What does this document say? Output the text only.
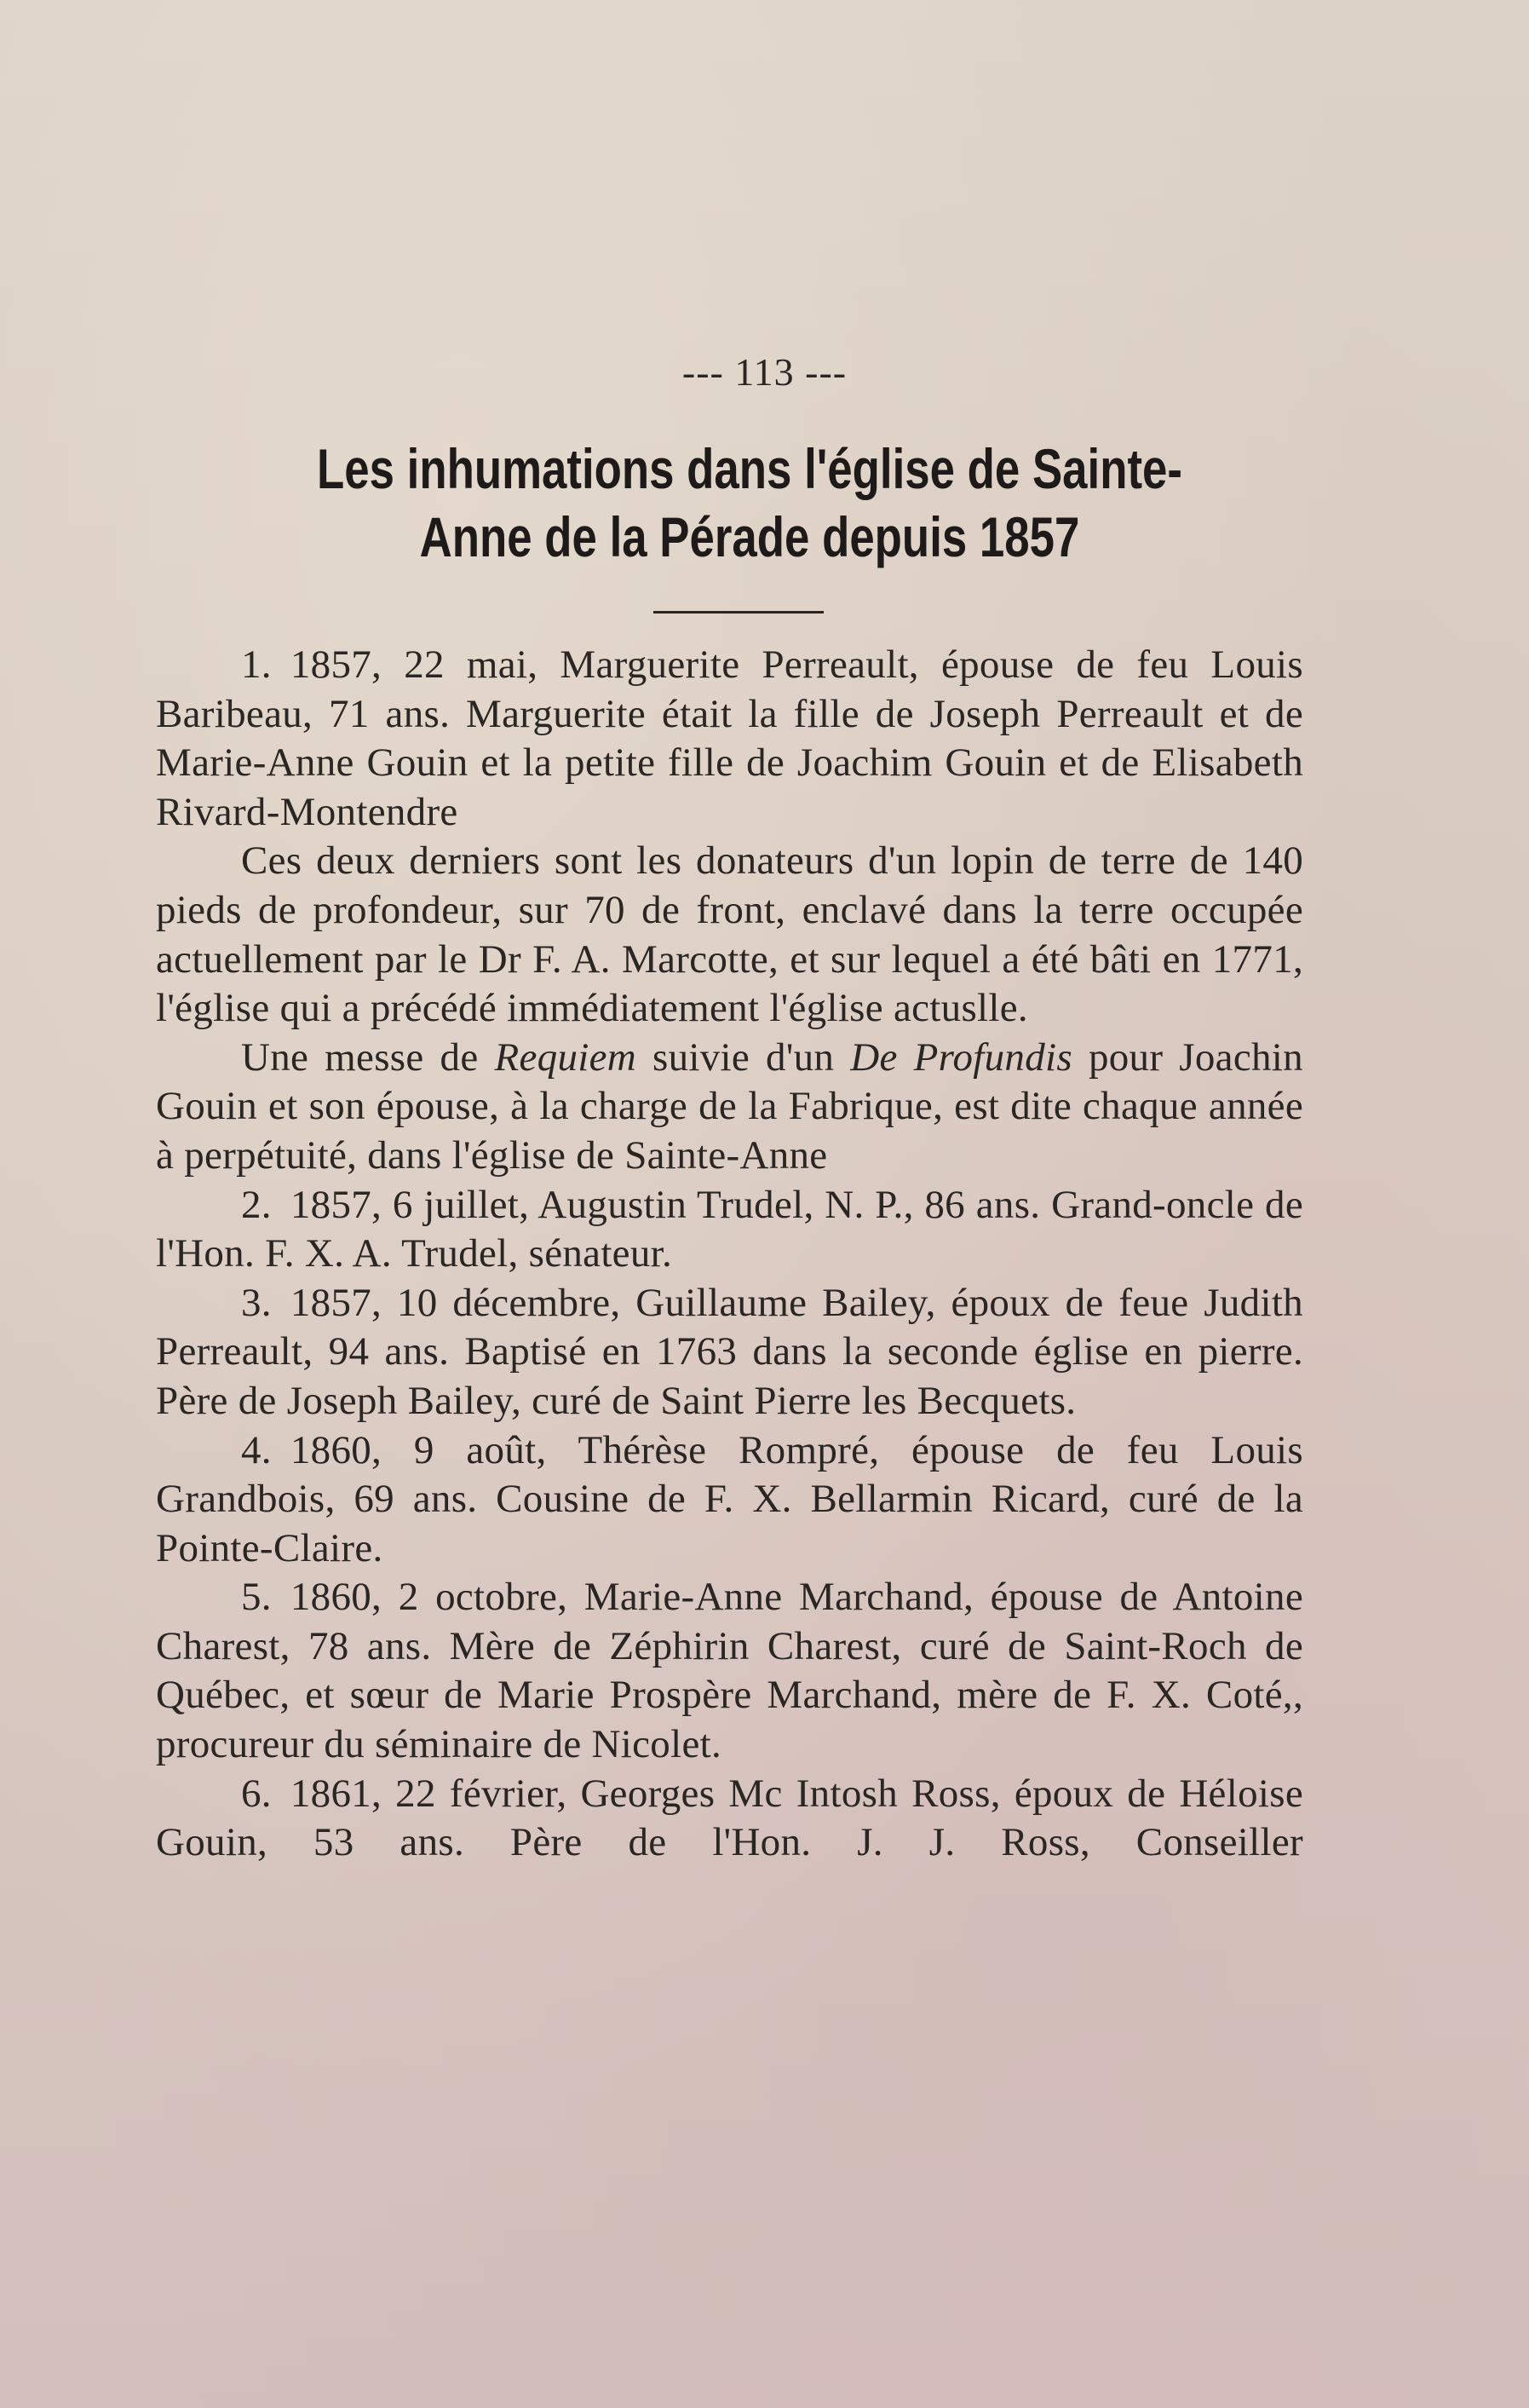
--- 113 ---
Les inhumations dans l'église de Sainte-Anne de la Pérade depuis 1857

1. 1857, 22 mai, Marguerite Perreault, épouse de feu Louis Baribeau, 71 ans. Marguerite était la fille de Joseph Perreault et de Marie-Anne Gouin et la petite fille de Joachim Gouin et de Elisabeth Rivard-Montendre

Ces deux derniers sont les donateurs d'un lopin de terre de 140 pieds de profondeur, sur 70 de front, enclavé dans la terre occupée actuellement par le Dr F. A. Marcotte, et sur lequel a été bâti en 1771, l'église qui a précédé immédiatement l'église actuslle.

Une messe de Requiem suivie d'un De Profundis pour Joachin Gouin et son épouse, à la charge de la Fabrique, est dite chaque année à perpétuité, dans l'église de Sainte-Anne

2. 1857, 6 juillet, Augustin Trudel, N. P., 86 ans. Grand-oncle de l'Hon. F. X. A. Trudel, sénateur.

3. 1857, 10 décembre, Guillaume Bailey, époux de feue Judith Perreault, 94 ans. Baptisé en 1763 dans la seconde église en pierre. Père de Joseph Bailey, curé de Saint Pierre les Becquets.

4. 1860, 9 août, Thérèse Rompré, épouse de feu Louis Grandbois, 69 ans. Cousine de F. X. Bellarmin Ricard, curé de la Pointe-Claire.

5. 1860, 2 octobre, Marie-Anne Marchand, épouse de Antoine Charest, 78 ans. Mère de Zéphirin Charest, curé de Saint-Roch de Québec, et sœur de Marie Prospère Marchand, mère de F. X. Coté,, procureur du séminaire de Nicolet.

6. 1861, 22 février, Georges Mc Intosh Ross, époux de Héloise Gouin, 53 ans. Père de l'Hon. J. J. Ross, Conseiller
